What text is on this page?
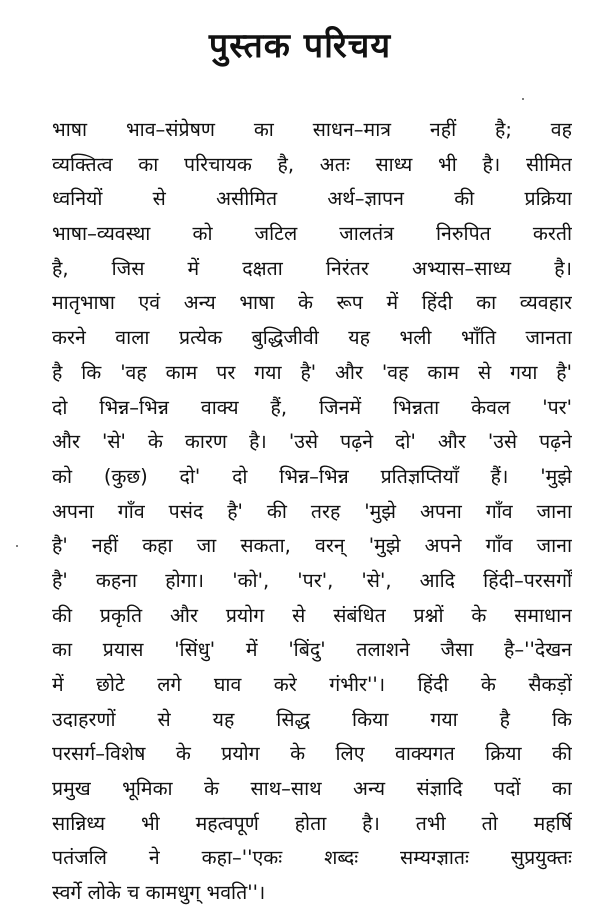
पुस्तक परिचय
भाषा भाव–संप्रेषण का साधन–मात्र नहीं है; वह
व्यक्तित्व का परिचायक है, अतः साध्य भी है। सीमित
ध्वनियों से असीमित अर्थ–ज्ञापन की प्रक्रिया
भाषा–व्यवस्था को जटिल जालतंत्र निरुपित करती
है, जिस में दक्षता निरंतर अभ्यास–साध्य है।
मातृभाषा एवं अन्य भाषा के रूप में हिंदी का व्यवहार
करने वाला प्रत्येक बुद्धिजीवी यह भली भाँति जानता
है कि 'वह काम पर गया है' और 'वह काम से गया है'
दो भिन्न–भिन्न वाक्य हैं, जिनमें भिन्नता केवल 'पर'
और 'से' के कारण है। 'उसे पढ़ने दो' और 'उसे पढ़ने
को (कुछ) दो' दो भिन्न–भिन्न प्रतिज्ञप्तियाँ हैं। 'मुझे
अपना गाँव पसंद है' की तरह 'मुझे अपना गाँव जाना
है' नहीं कहा जा सकता, वरन् 'मुझे अपने गाँव जाना
है' कहना होगा। 'को', 'पर', 'से', आदि हिंदी–परसर्गों
की प्रकृति और प्रयोग से संबंधित प्रश्नों के समाधान
का प्रयास 'सिंधु' में 'बिंदु' तलाशने जैसा है–''देखन
में छोटे लगे घाव करे गंभीर''। हिंदी के सैकड़ों
उदाहरणों से यह सिद्ध किया गया है कि
परसर्ग–विशेष के प्रयोग के लिए वाक्यगत क्रिया की
प्रमुख भूमिका के साथ–साथ अन्य संज्ञादि पदों का
सान्निध्य भी महत्वपूर्ण होता है। तभी तो महर्षि
पतंजलि ने कहा–''एकः शब्दः सम्यग्ज्ञातः सुप्रयुक्तः
स्वर्गे लोके च कामधुग् भवति''।
